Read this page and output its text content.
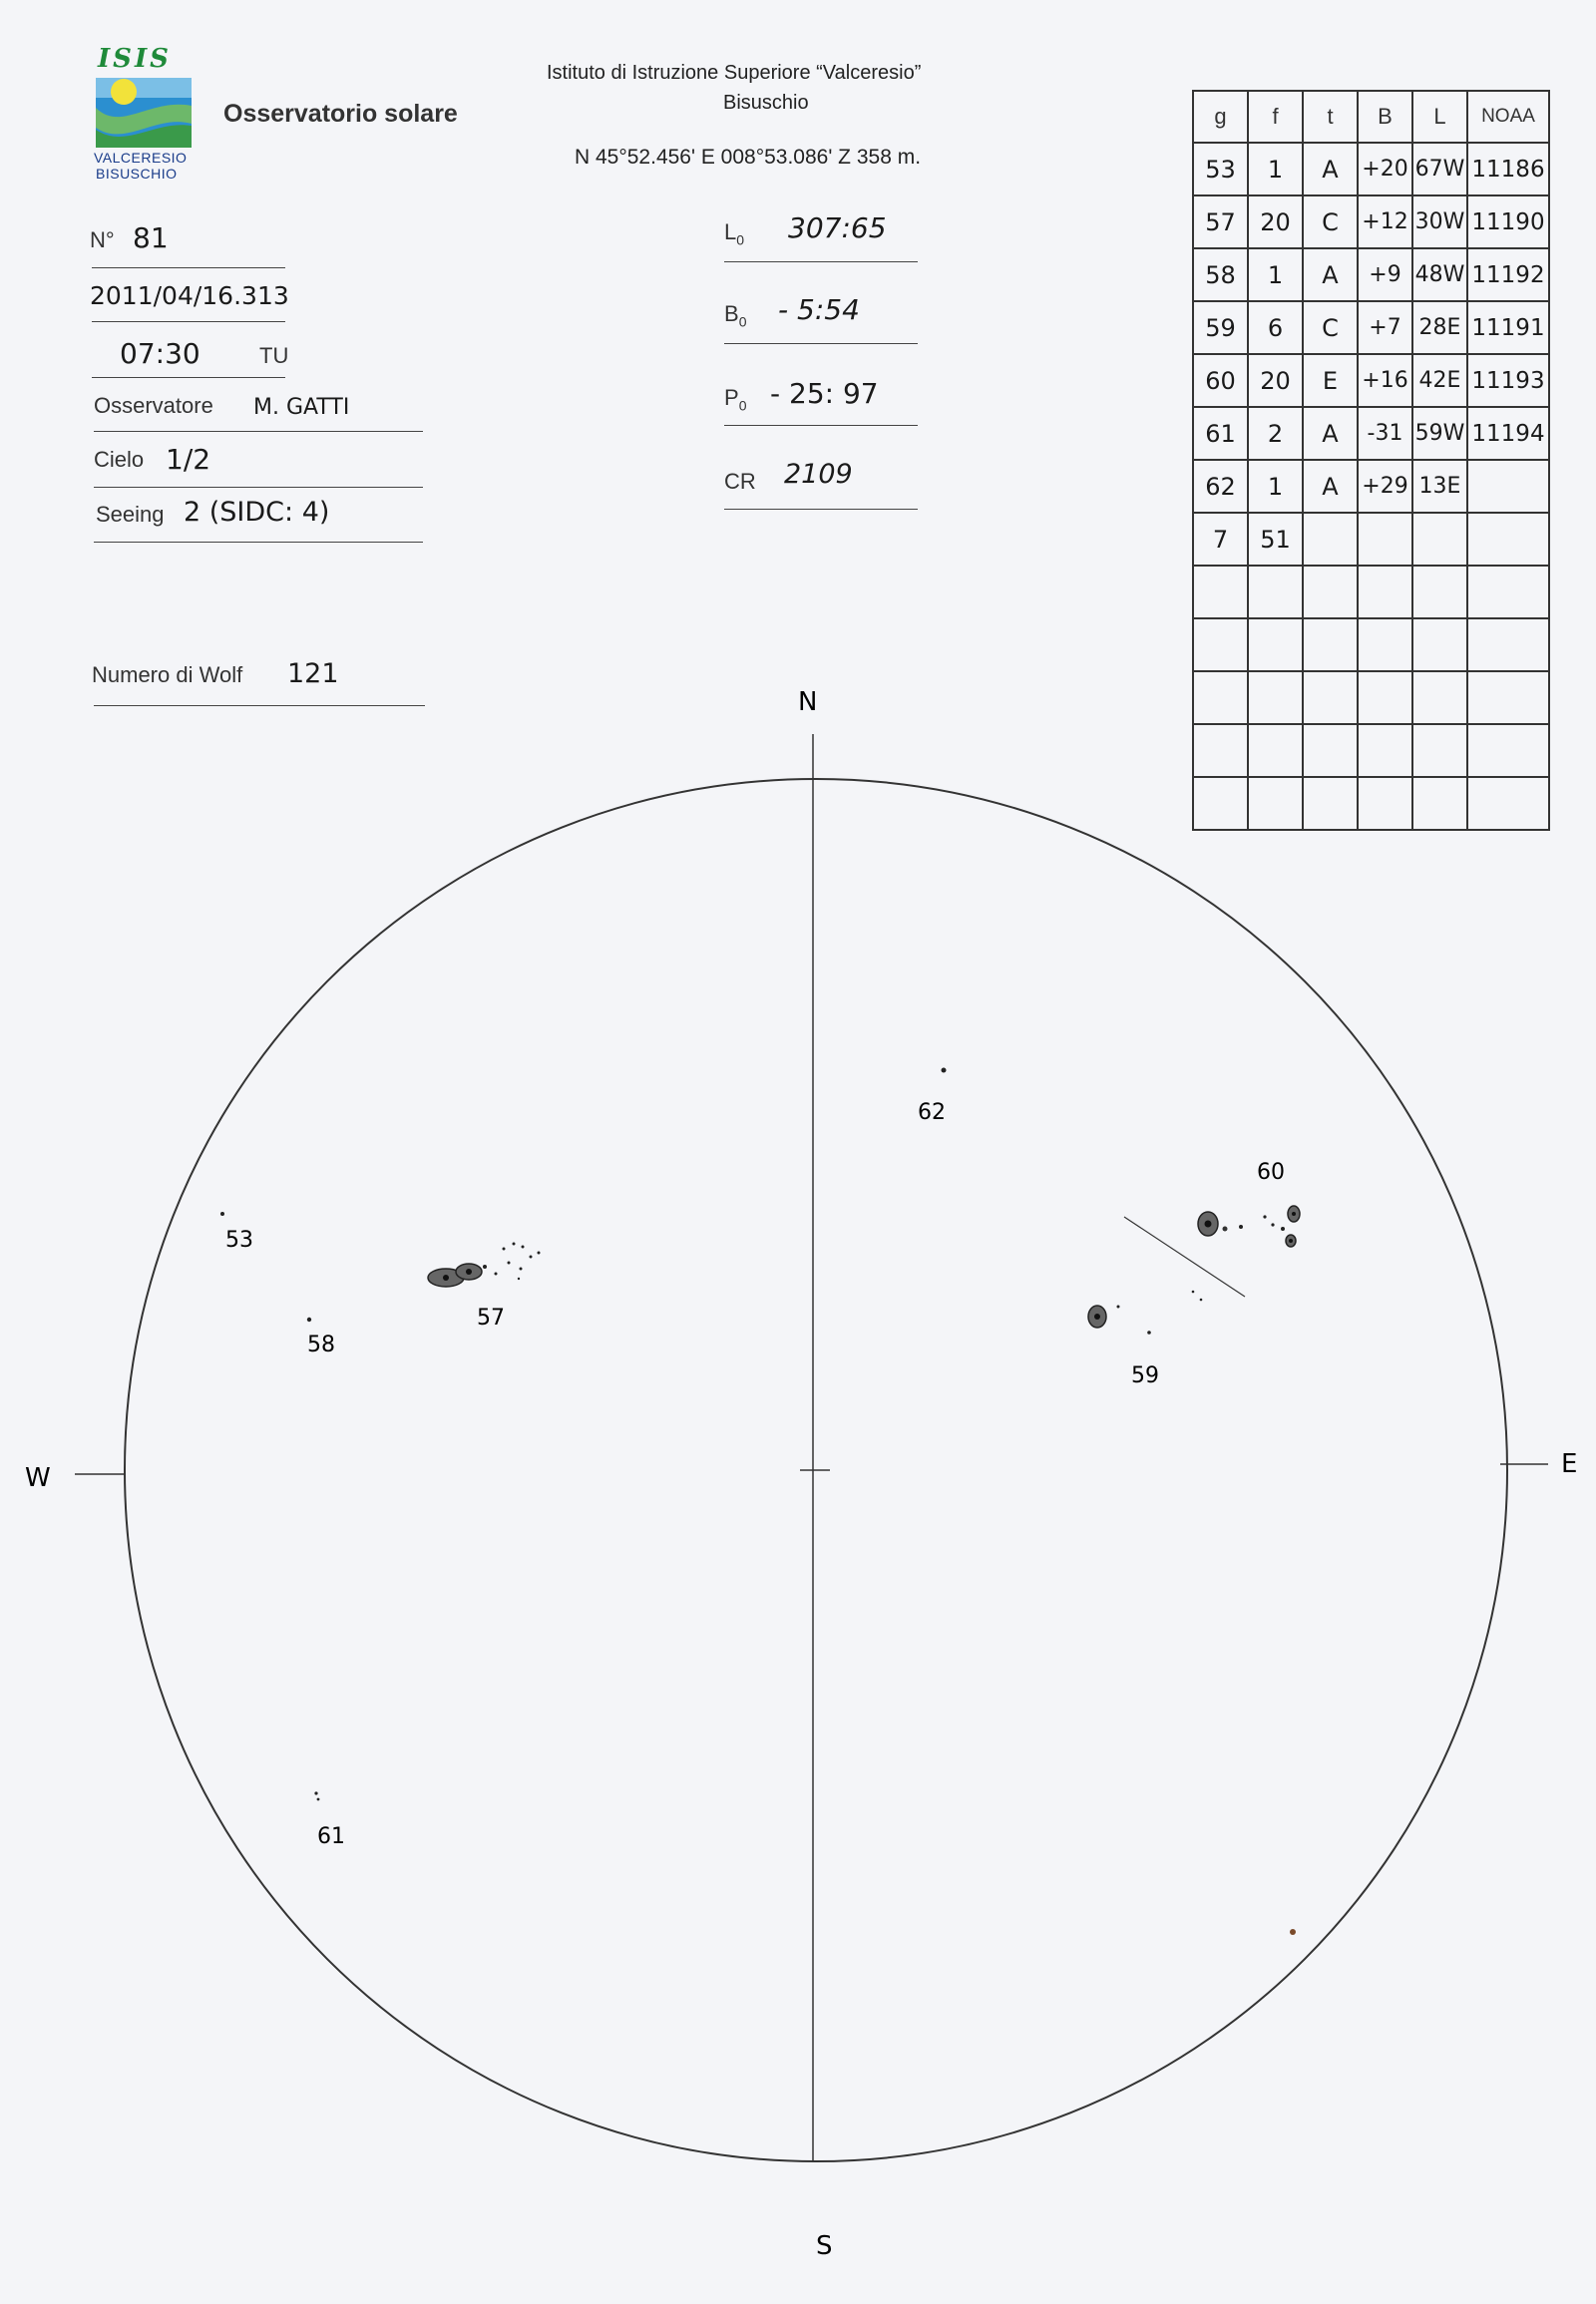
ISIS
VALCERESIO
BISUSCHIO
Osservatorio solare
Istituto di Istruzione Superiore “Valceresio”
Bisuschio
N 45°52.456' E 008°53.086' Z 358 m.
N° 81
2011/04/16.313
07:30	TU
Osservatore M. GATTI
Cielo 1/2
Seeing 2 (SIDC: 4)
Numero di Wolf 121
$L_0$ 307:65
$B_0$ - 5:54
$P_0 - 25$: 97
CR 2109
g	f	t	B	L	NOAA
53	1	A	+20	67W	11186
57	20	C	+12	30W	11190
58	1	A	+9	48W	11192
59	6	C	+7	28E	11191
60	20	E	+16	42E	11193
61	2	A	-31	59W	11194
62	1	A	+29	13E	
7	51				

N
S
E
W
53
57
58
59
60
61
62
